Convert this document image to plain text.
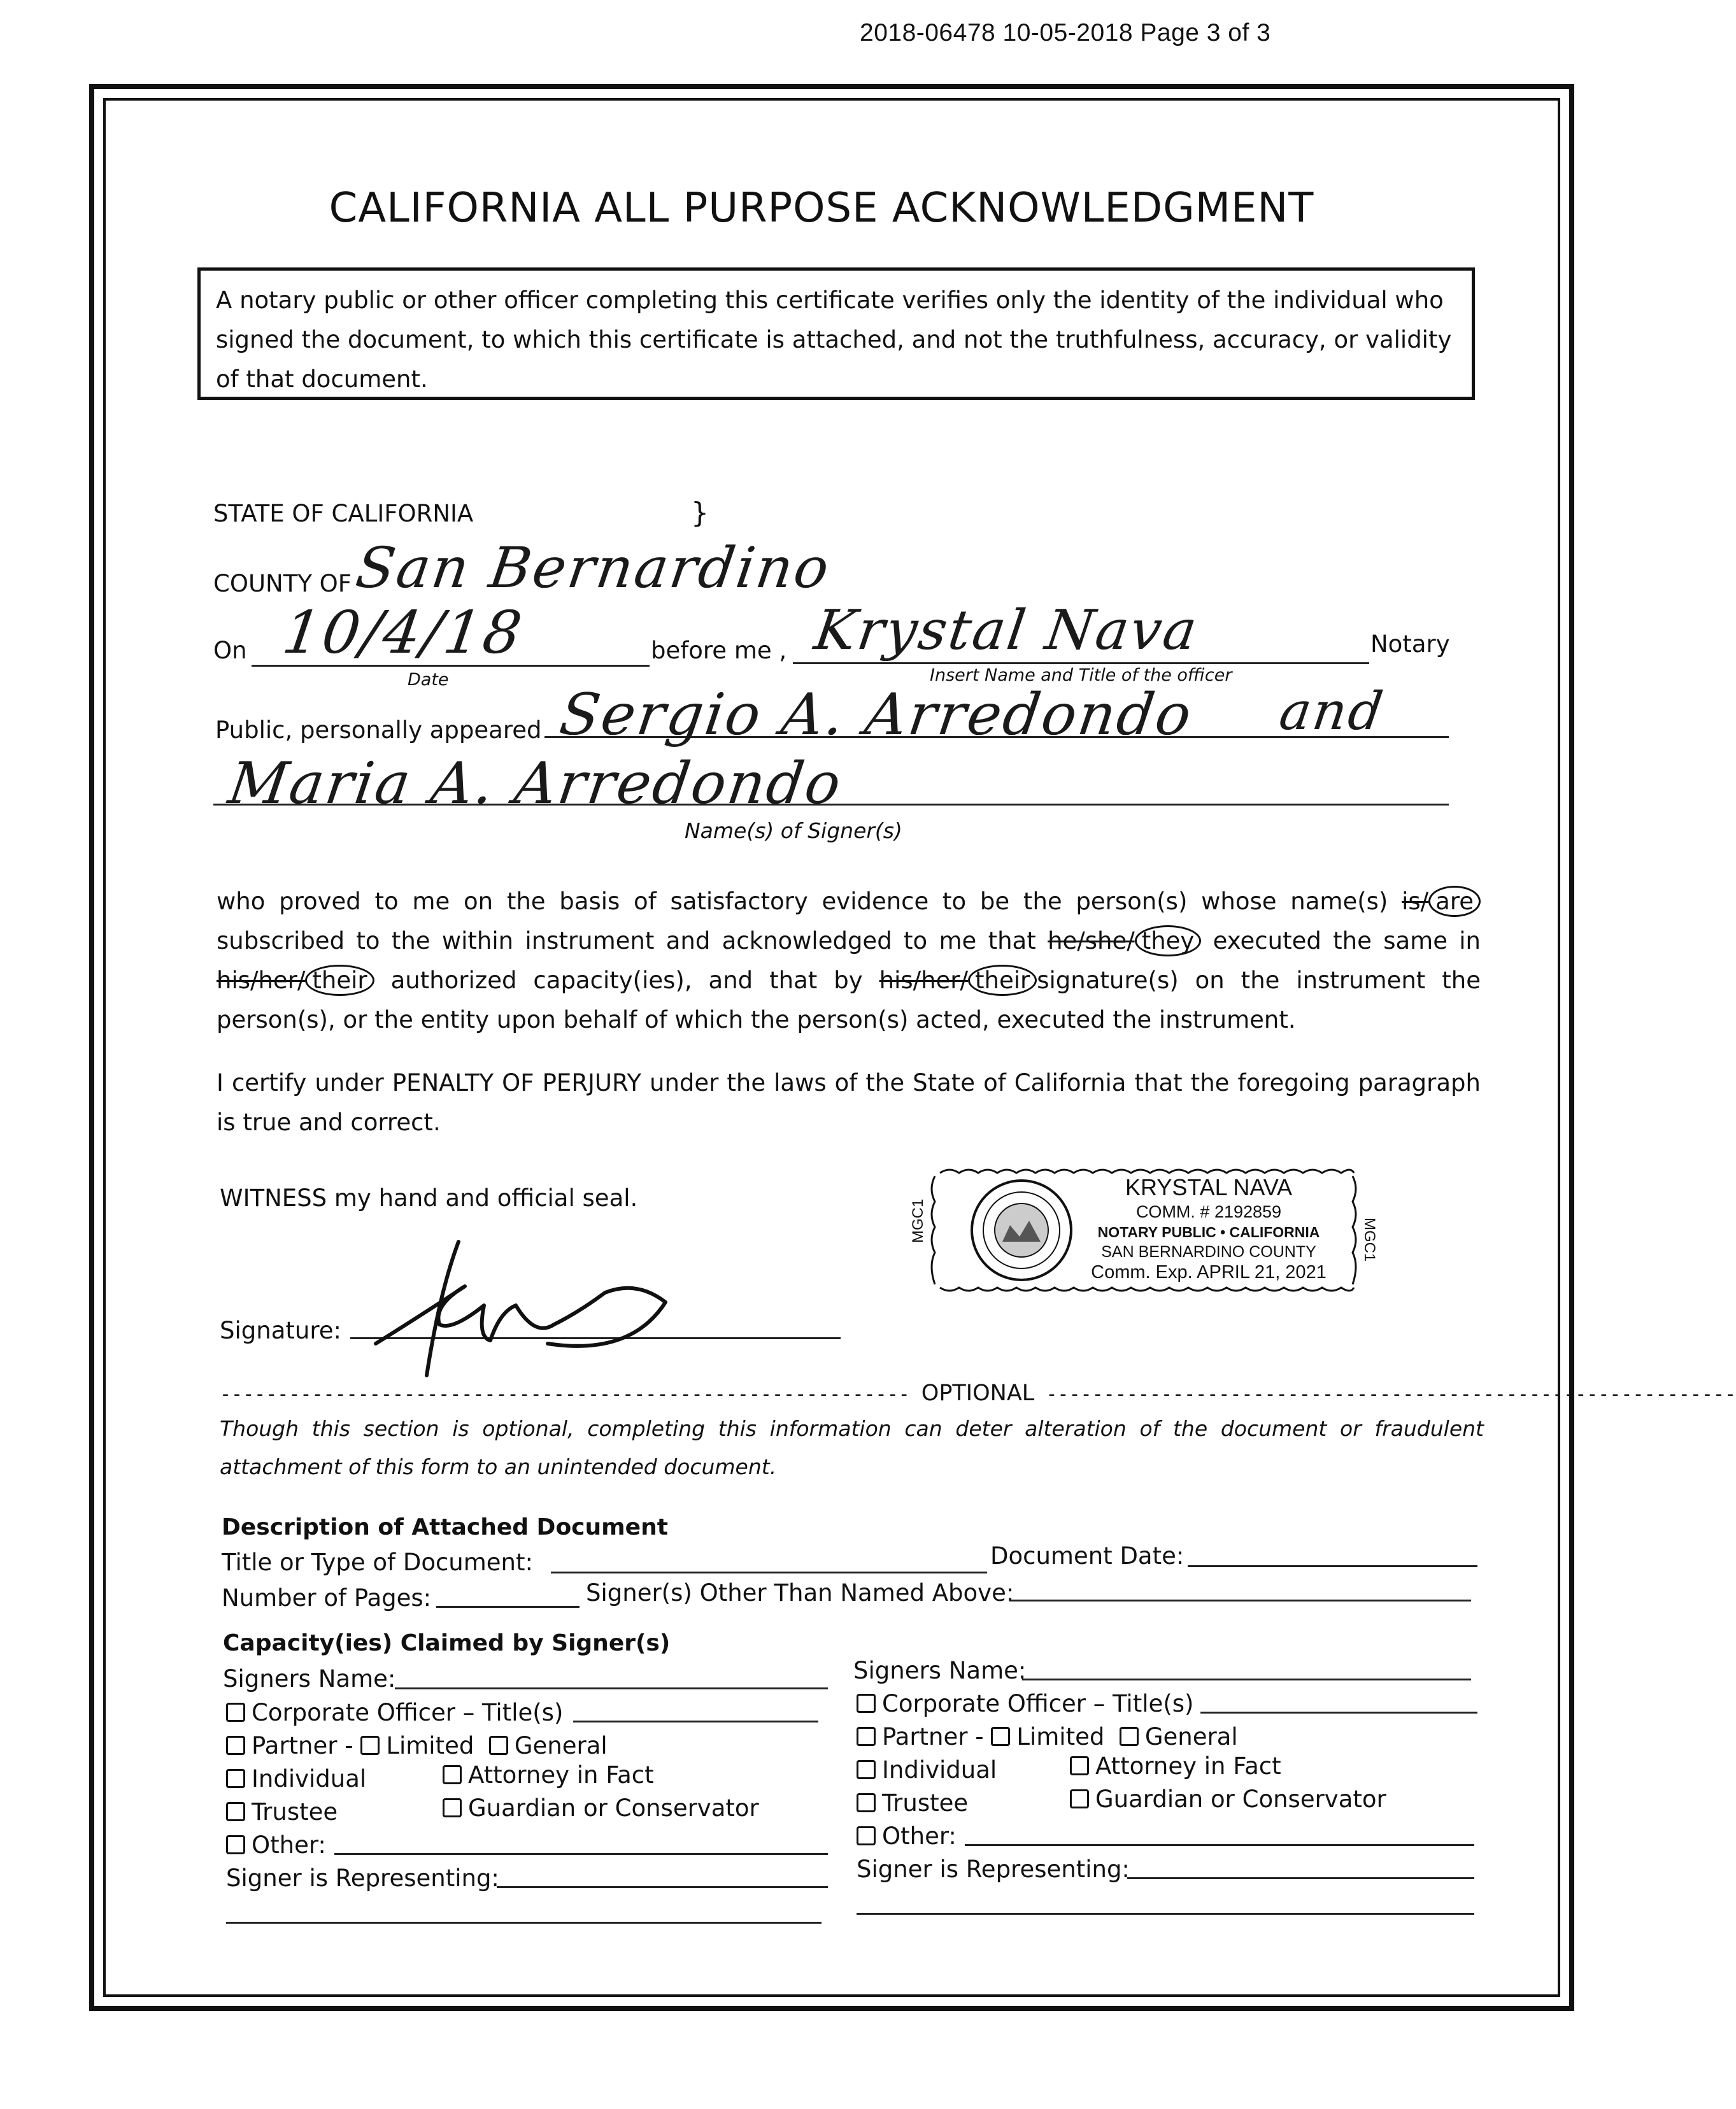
2018-06478 10-05-2018 Page 3 of 3
CALIFORNIA ALL PURPOSE ACKNOWLEDGMENT
A notary public or other officer completing this certificate verifies only the identity of the individual who signed the document, to which this certificate is attached, and not the truthfulness, accuracy, or validity of that document.
STATE OF CALIFORNIA	}
COUNTY OF San Bernardino
On 10/4/18
Date
before me , Krystal Nava
Insert Name and Title of the officer
Notary
Public, personally appeared Sergio A. Arredondo and
Maria A. Arredondo
Name(s) of Signer(s)
who proved to me on the basis of satisfactory evidence to be the person(s) whose name(s) is/ are subscribed to the within instrument and acknowledged to me that he/she/ they executed the same in his/her/ their authorized capacity(ies), and that by his/her/ their signature(s) on the instrument the person(s), or the entity upon behalf of which the person(s) acted, executed the instrument.
I certify under PENALTY OF PERJURY under the laws of the State of California that the foregoing paragraph is true and correct.
WITNESS my hand and official seal.
MGC1	MGC1
KRYSTAL NAVA
COMM. # 2192859
NOTARY PUBLIC • CALIFORNIA
SAN BERNARDINO COUNTY
Comm. Exp. APRIL 21, 2021
Signature:
------------------------------------------------------------ OPTIONAL ------------------------------------------------------------
Though this section is optional, completing this information can deter alteration of the document or fraudulent attachment of this form to an unintended document.
Description of Attached Document
Title or Type of Document:	Document Date:
Number of Pages:	Signer(s) Other Than Named Above:
Capacity(ies) Claimed by Signer(s)
Signers Name:
Corporate Officer – Title(s)
Partner - Limited General
Individual	Attorney in Fact
Trustee	Guardian or Conservator
Other:
Signer is Representing:
Signers Name:
Corporate Officer – Title(s)
Partner - Limited General
Individual	Attorney in Fact
Trustee	Guardian or Conservator
Other:
Signer is Representing:
